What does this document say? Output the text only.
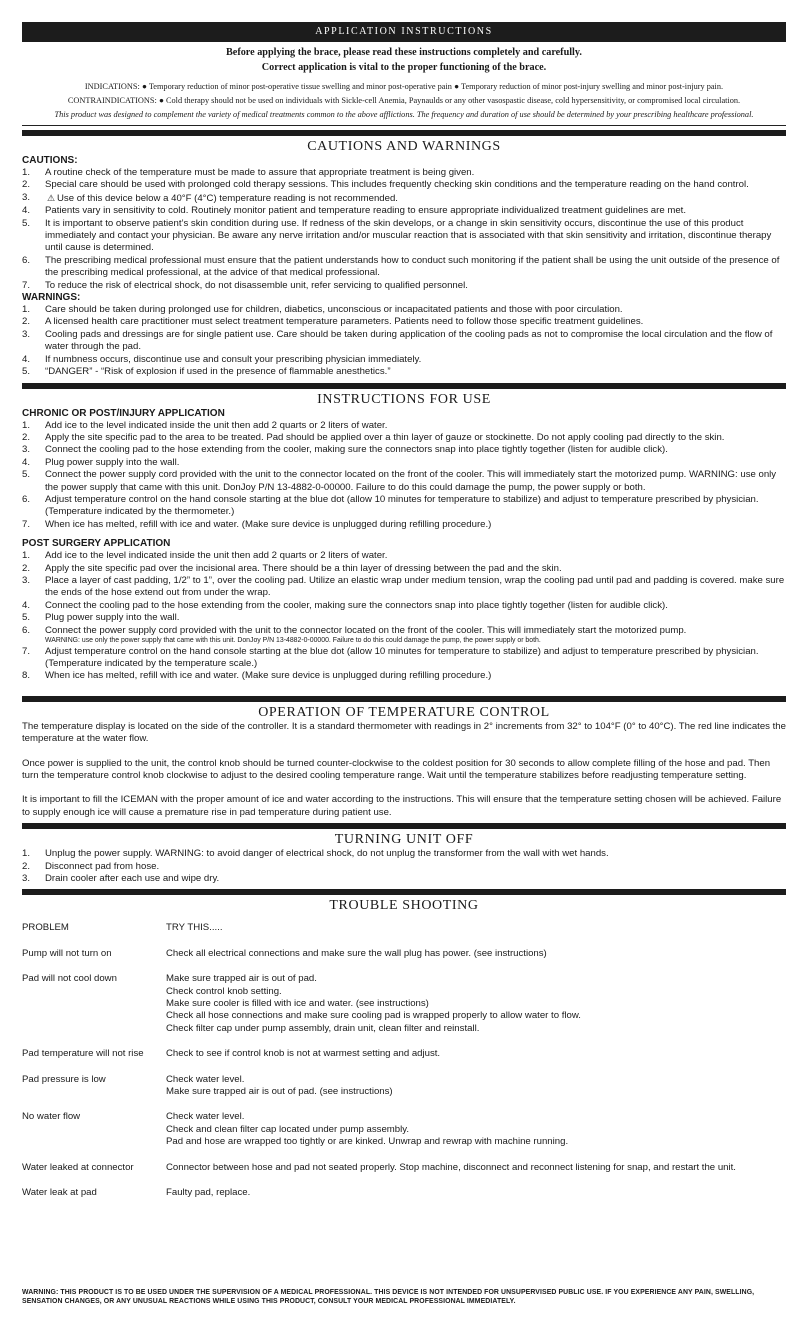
APPLICATION INSTRUCTIONS
Before applying the brace, please read these instructions completely and carefully.
Correct application is vital to the proper functioning of the brace.
INDICATIONS: ● Temporary reduction of minor post-operative tissue swelling and minor post-operative pain ● Temporary reduction of minor post-injury swelling and minor post-injury pain.
CONTRAINDICATIONS: ● Cold therapy should not be used on individuals with Sickle-cell Anemia, Paynaulds or any other vasospastic disease, cold hypersensitivity, or compromised local circulation.
This product was designed to complement the variety of medical treatments common to the above afflictions. The frequency and duration of use should be determined by your prescribing healthcare professional.
CAUTIONS AND WARNINGS
CAUTIONS:
1. A routine check of the temperature must be made to assure that appropriate treatment is being given.
2. Special care should be used with prolonged cold therapy sessions. This includes frequently checking skin conditions and the temperature reading on the hand control.
3. ⚠ Use of this device below a 40°F (4°C) temperature reading is not recommended.
4. Patients vary in sensitivity to cold. Routinely monitor patient and temperature reading to ensure appropriate individualized treatment guidelines are met.
5. It is important to observe patient’s skin condition during use. If redness of the skin develops, or a change in skin sensitivity occurs, discontinue the use of this product immediately and contact your physician. Be aware any nerve irritation and/or muscular reaction that is associated with that skin sensitivity and irritation, discontinue therapy until cause is determined.
6. The prescribing medical professional must ensure that the patient understands how to conduct such monitoring if the patient shall be using the unit outside of the presence of the prescribing medical professional, at the advice of that medical professional.
7. To reduce the risk of electrical shock, do not disassemble unit, refer servicing to qualified personnel.
WARNINGS:
1. Care should be taken during prolonged use for children, diabetics, unconscious or incapacitated patients and those with poor circulation.
2. A licensed health care practitioner must select treatment temperature parameters. Patients need to follow those specific treatment guidelines.
3. Cooling pads and dressings are for single patient use. Care should be taken during application of the cooling pads as not to compromise the local circulation and the flow of water through the pad.
4. If numbness occurs, discontinue use and consult your prescribing physician immediately.
5. “DANGER” - “Risk of explosion if used in the presence of flammable anesthetics.”
INSTRUCTIONS FOR USE
CHRONIC OR POST/INJURY APPLICATION
1. Add ice to the level indicated inside the unit then add 2 quarts or 2 liters of water.
2. Apply the site specific pad to the area to be treated. Pad should be applied over a thin layer of gauze or stockinette. Do not apply cooling pad directly to the skin.
3. Connect the cooling pad to the hose extending from the cooler, making sure the connectors snap into place tightly together (listen for audible click).
4. Plug power supply into the wall.
5. Connect the power supply cord provided with the unit to the connector located on the front of the cooler. This will immediately start the motorized pump. WARNING: use only the power supply that came with this unit. DonJoy P/N 13-4882-0-00000. Failure to do this could damage the pump, the power supply or both.
6. Adjust temperature control on the hand console starting at the blue dot (allow 10 minutes for temperature to stabilize) and adjust to temperature prescribed by physician. (Temperature indicated by the thermometer.)
7. When ice has melted, refill with ice and water. (Make sure device is unplugged during refilling procedure.)
POST SURGERY APPLICATION
1. Add ice to the level indicated inside the unit then add 2 quarts or 2 liters of water.
2. Apply the site specific pad over the incisional area. There should be a thin layer of dressing between the pad and the skin.
3. Place a layer of cast padding, 1/2” to 1”, over the cooling pad. Utilize an elastic wrap under medium tension, wrap the cooling pad until pad and padding is covered. make sure the ends of the hose extend out from under the wrap.
4. Connect the cooling pad to the hose extending from the cooler, making sure the connectors snap into place tightly together (listen for audible click).
5. Plug power supply into the wall.
6. Connect the power supply cord provided with the unit to the connector located on the front of the cooler. This will immediately start the motorized pump.
WARNING: use only the power supply that came with this unit. DonJoy P/N 13-4882-0-00000. Failure to do this could damage the pump, the power supply or both.
7. Adjust temperature control on the hand console starting at the blue dot (allow 10 minutes for temperature to stabilize) and adjust to temperature prescribed by physician. (Temperature indicated by the temperature scale.)
8. When ice has melted, refill with ice and water. (Make sure device is unplugged during refilling procedure.)
OPERATION OF TEMPERATURE CONTROL

The temperature display is located on the side of the controller. It is a standard thermometer with readings in 2° increments from 32° to 104°F (0° to 40°C). The red line indicates the temperature at the water flow.

Once power is supplied to the unit, the control knob should be turned counter-clockwise to the coldest position for 30 seconds to allow complete filling of the hose and pad. Then turn the temperature control knob clockwise to adjust to the desired cooling temperature range. Wait until the temperature stabilizes before readjusting temperature setting.

It is important to fill the ICEMAN with the proper amount of ice and water according to the instructions. This will ensure that the temperature setting chosen will be achieved. Failure to supply enough ice will cause a premature rise in pad temperature during patient use.

TURNING UNIT OFF
1. Unplug the power supply. WARNING: to avoid danger of electrical shock, do not unplug the transformer from the wall with wet hands.
2. Disconnect pad from hose.
3. Drain cooler after each use and wipe dry.
TROUBLE SHOOTING
PROBLEM	TRY THIS.....
Pump will not turn on	Check all electrical connections and make sure the wall plug has power. (see instructions)
Pad will not cool down	Make sure trapped air is out of pad.
Check control knob setting.
Make sure cooler is filled with ice and water. (see instructions)
Check all hose connections and make sure cooling pad is wrapped properly to allow water to flow.
Check filter cap under pump assembly, drain unit, clean filter and reinstall.
Pad temperature will not rise	Check to see if control knob is not at warmest setting and adjust.
Pad pressure is low	Check water level.
Make sure trapped air is out of pad. (see instructions)
No water flow	Check water level.
Check and clean filter cap located under pump assembly.
Pad and hose are wrapped too tightly or are kinked. Unwrap and rewrap with machine running.
Water leaked at connector	Connector between hose and pad not seated properly. Stop machine, disconnect and reconnect listening for snap, and restart the unit.
Water leak at pad	Faulty pad, replace.
WARNING: THIS PRODUCT IS TO BE USED UNDER THE SUPERVISION OF A MEDICAL PROFESSIONAL. THIS DEVICE IS NOT INTENDED FOR UNSUPERVISED PUBLIC USE. IF YOU EXPERIENCE ANY PAIN, SWELLING, SENSATION CHANGES, OR ANY UNUSUAL REACTIONS WHILE USING THIS PRODUCT, CONSULT YOUR MEDICAL PROFESSIONAL IMMEDIATELY.
